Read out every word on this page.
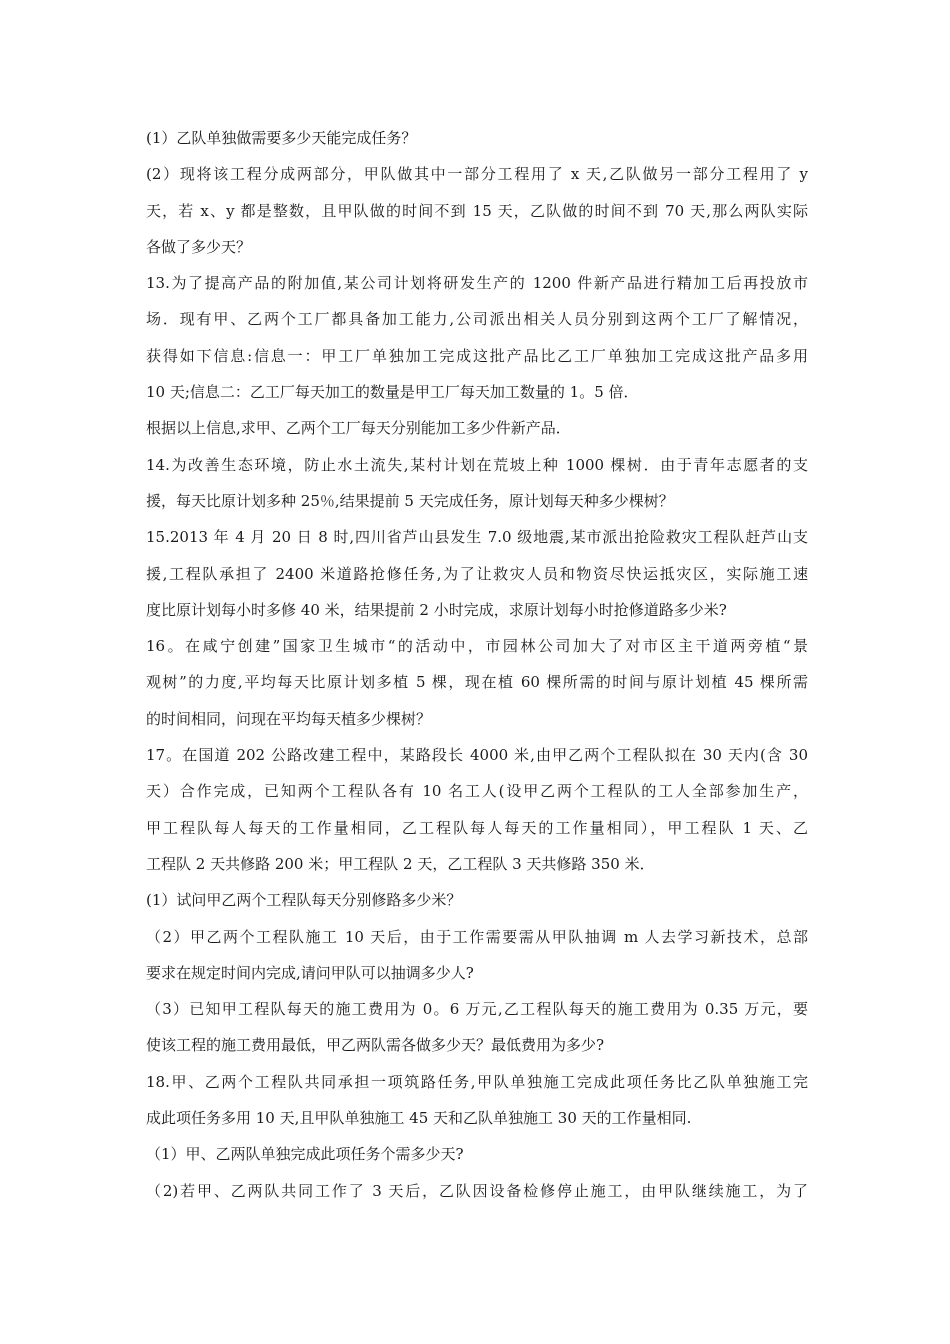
(1）乙队单独做需要多少天能完成任务？
(2）现将该工程分成两部分，甲队做其中一部分工程用了 x 天,乙队做另一部分工程用了 y
天，若 x、y 都是整数，且甲队做的时间不到 15 天，乙队做的时间不到 70 天,那么两队实际
各做了多少天？
13.为了提高产品的附加值,某公司计划将研发生产的 1200 件新产品进行精加工后再投放市
场．现有甲、乙两个工厂都具备加工能力,公司派出相关人员分别到这两个工厂了解情况，
获得如下信息:信息一：甲工厂单独加工完成这批产品比乙工厂单独加工完成这批产品多用
10 天;信息二：乙工厂每天加工的数量是甲工厂每天加工数量的 1。5 倍．
根据以上信息,求甲、乙两个工厂每天分别能加工多少件新产品．
14.为改善生态环境，防止水土流失,某村计划在荒坡上种 1000 棵树．由于青年志愿者的支
援，每天比原计划多种 25％,结果提前 5 天完成任务，原计划每天种多少棵树？
15.2013 年 4 月 20 日 8 时,四川省芦山县发生 7.0 级地震,某市派出抢险救灾工程队赶芦山支
援,工程队承担了 2400 米道路抢修任务,为了让救灾人员和物资尽快运抵灾区，实际施工速
度比原计划每小时多修 40 米，结果提前 2 小时完成，求原计划每小时抢修道路多少米?
16。在咸宁创建”国家卫生城市“的活动中，市园林公司加大了对市区主干道两旁植“景
观树”的力度,平均每天比原计划多植 5 棵，现在植 60 棵所需的时间与原计划植 45 棵所需
的时间相同，问现在平均每天植多少棵树？
17。在国道 202 公路改建工程中，某路段长 4000 米,由甲乙两个工程队拟在 30 天内(含 30
天）合作完成，已知两个工程队各有 10 名工人(设甲乙两个工程队的工人全部参加生产，
甲工程队每人每天的工作量相同，乙工程队每人每天的工作量相同），甲工程队 1 天、乙
工程队 2 天共修路 200 米；甲工程队 2 天，乙工程队 3 天共修路 350 米．
(1）试问甲乙两个工程队每天分别修路多少米？
（2）甲乙两个工程队施工 10 天后，由于工作需要需从甲队抽调 m 人去学习新技术，总部
要求在规定时间内完成,请问甲队可以抽调多少人?
（3）已知甲工程队每天的施工费用为 0。6 万元,乙工程队每天的施工费用为 0.35 万元，要
使该工程的施工费用最低，甲乙两队需各做多少天？最低费用为多少?
18.甲、乙两个工程队共同承担一项筑路任务,甲队单独施工完成此项任务比乙队单独施工完
成此项任务多用 10 天,且甲队单独施工 45 天和乙队单独施工 30 天的工作量相同.
（1）甲、乙两队单独完成此项任务个需多少天?
（2)若甲、乙两队共同工作了 3 天后，乙队因设备检修停止施工，由甲队继续施工，为了
